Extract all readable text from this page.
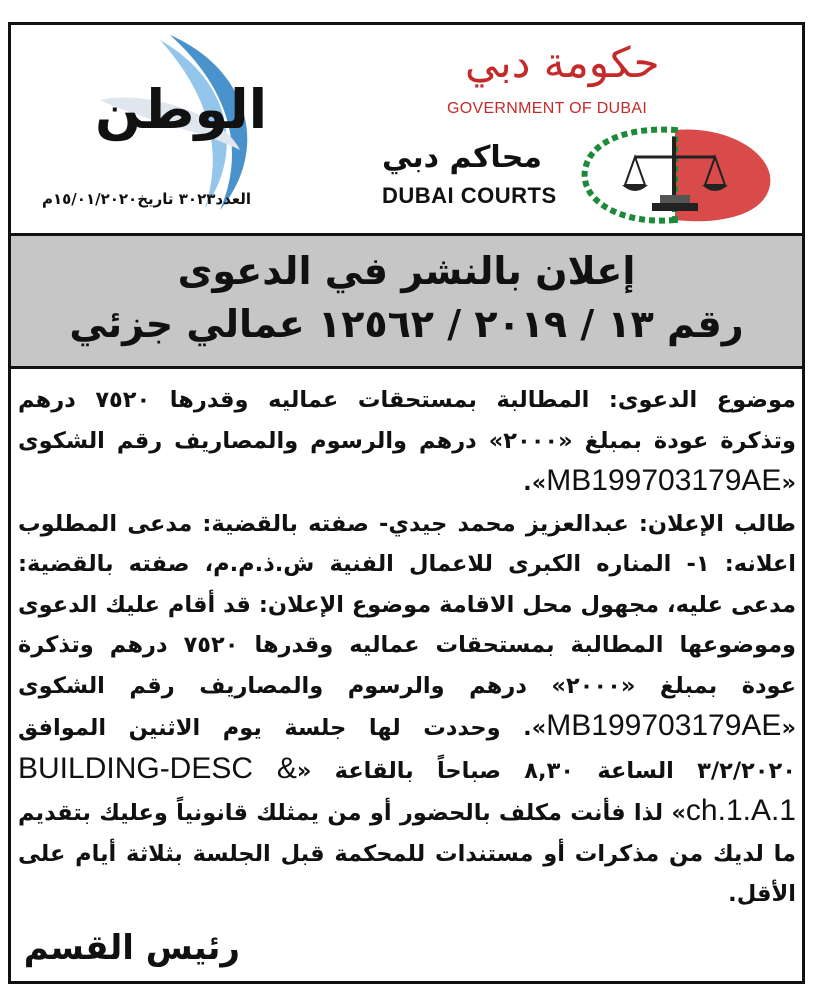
الوطن
العدد٣٠٢٣ تاريخ١٥/٠١/٢٠٢٠م
حكومة دبي
GOVERNMENT OF DUBAI
محاكم دبي
DUBAI COURTS
إعلان بالنشر في الدعوى
رقم ١٣ / ٢٠١٩ / ١٢٥٦٢ عمالي جزئي

موضوع الدعوى: المطالبة بمستحقات عماليه وقدرها ٧٥٢٠ درهم وتذكرة عودة بمبلغ «٢٠٠٠» درهم والرسوم والمصاريف رقم الشكوى «MB199703179AE».

طالب الإعلان: عبدالعزيز محمد جيدي- صفته بالقضية: مدعى المطلوب اعلانه: ١- المناره الكبرى للاعمال الفنية ش.ذ.م.م، صفته بالقضية: مدعى عليه، مجهول محل الاقامة موضوع الإعلان: قد أقام عليك الدعوى وموضوعها المطالبة بمستحقات عماليه وقدرها ٧٥٢٠ درهم وتذكرة عودة بمبلغ «٢٠٠٠» درهم والرسوم والمصاريف رقم الشكوى «MB199703179AE». وحددت لها جلسة يوم الاثنين الموافق ٣/٢/٢٠٢٠ الساعة ٨,٣٠ صباحاً بالقاعة «BUILDING-DESC & ch.1.A.1» لذا فأنت مكلف بالحضور أو من يمثلك قانونياً وعليك بتقديم ما لديك من مذكرات أو مستندات للمحكمة قبل الجلسة بثلاثة أيام على الأقل.

رئيس القسم
